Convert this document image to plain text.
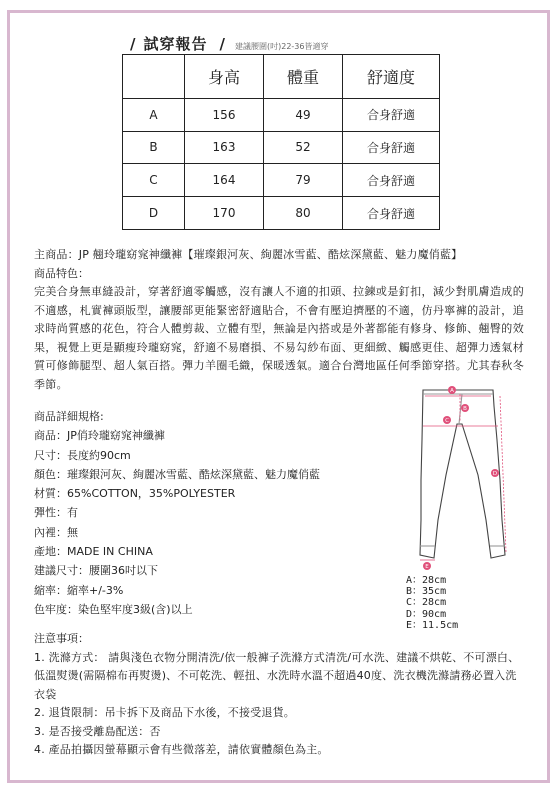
/ 試穿報告 / 建議腰圍(吋)22-36皆適穿
	身高	體重	舒適度
A	156	49	合身舒適
B	163	52	合身舒適
C	164	79	合身舒適
D	170	80	合身舒適
主商品：JP 翹玲瓏窈窕神纖褲【璀璨銀河灰、絢麗冰雪藍、酷炫深黛藍、魅力魔俏藍】
商品特色：
完美合身無車縫設計，穿著舒適零觸感，沒有讓人不適的扣頭、拉鍊或是釘扣，減少對肌膚造成的不適感，札實褲頭版型，讓腰部更能緊密舒適貼合，不會有壓迫擠壓的不適，仿丹寧褲的設計，追求時尚質感的花色，符合人體剪裁、立體有型，無論是內搭或是外著都能有修身、修飾、翹臀的效果，視覺上更是顯瘦玲瓏窈窕，舒適不易磨損、不易勾紗布面、更細緻、觸感更佳、超彈力透氣材質可修飾腿型、超人氣百搭。彈力羊圈毛織，保暖透氣。適合台灣地區任何季節穿搭。尤其春秋冬季節。
商品詳細規格:
商品：JP俏玲瓏窈窕神纖褲
尺寸：長度約90cm
顏色：璀璨銀河灰、絢麗冰雪藍、酷炫深黛藍、魅力魔俏藍
材質：65%COTTON，35%POLYESTER
彈性：有
內裡：無
產地：MADE IN CHINA
建議尺寸：腰圍36吋以下
縮率：縮率+/-3%
色牢度：染色堅牢度3級(含)以上
A
B
C
D
E
A：28cm
B：35cm
C：28cm
D：90cm
E：11.5cm
注意事項：
1. 洗滌方式： 請與淺色衣物分開清洗/依一般褲子洗滌方式清洗/可水洗、建議不烘乾、不可漂白、低溫熨燙(需隔棉布再熨燙)、不可乾洗、輕扭、水洗時水溫不超過40度、洗衣機洗滌請務必置入洗衣袋
2. 退貨限制：吊卡拆下及商品下水後，不接受退貨。
3. 是否接受離島配送：否
4. 產品拍攝因螢幕顯示會有些微落差，請依實體顏色為主。
